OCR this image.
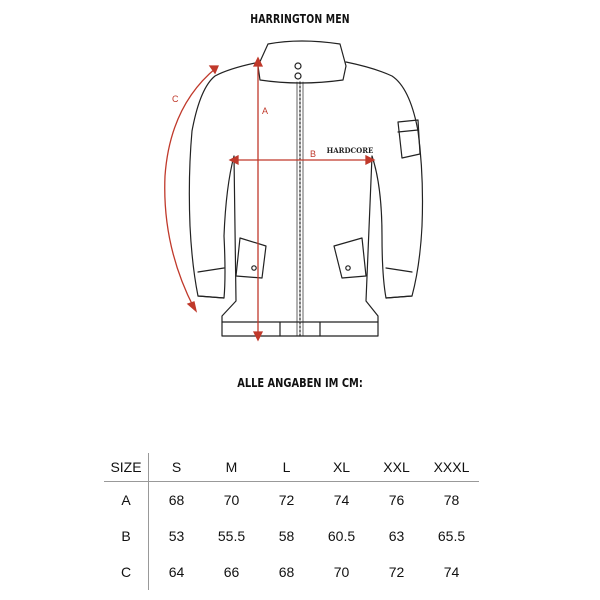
HARRINGTON MEN
HARDCORE
A
B
C
ALLE ANGABEN IM CM:
SIZE	S	M	L	XL	XXL	XXXL
A	68	70	72	74	76	78
B	53	55.5	58	60.5	63	65.5
C	64	66	68	70	72	74
